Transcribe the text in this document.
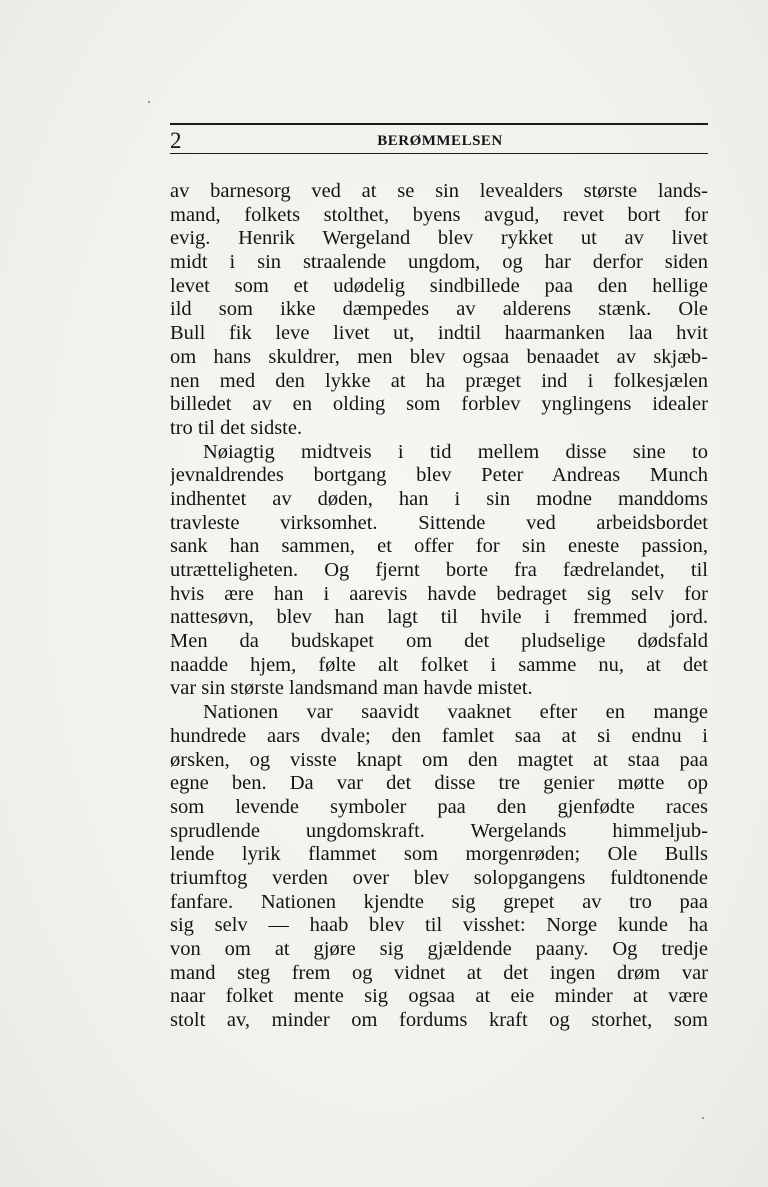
2	BERØMMELSEN
av barnesorg ved at se sin levealders største lands-
mand, folkets stolthet, byens avgud, revet bort for
evig. Henrik Wergeland blev rykket ut av livet
midt i sin straalende ungdom, og har derfor siden
levet som et udødelig sindbillede paa den hellige
ild som ikke dæmpedes av alderens stænk. Ole
Bull fik leve livet ut, indtil haarmanken laa hvit
om hans skuldrer, men blev ogsaa benaadet av skjæb-
nen med den lykke at ha præget ind i folkesjælen
billedet av en olding som forblev ynglingens idealer
tro til det sidste.
Nøiagtig midtveis i tid mellem disse sine to
jevnaldrendes bortgang blev Peter Andreas Munch
indhentet av døden, han i sin modne manddoms
travleste virksomhet. Sittende ved arbeidsbordet
sank han sammen, et offer for sin eneste passion,
utrætteligheten. Og fjernt borte fra fædrelandet, til
hvis ære han i aarevis havde bedraget sig selv for
nattesøvn, blev han lagt til hvile i fremmed jord.
Men da budskapet om det pludselige dødsfald
naadde hjem, følte alt folket i samme nu, at det
var sin største landsmand man havde mistet.
Nationen var saavidt vaaknet efter en mange
hundrede aars dvale; den famlet saa at si endnu i
ørsken, og visste knapt om den magtet at staa paa
egne ben. Da var det disse tre genier møtte op
som levende symboler paa den gjenfødte races
sprudlende ungdomskraft. Wergelands himmeljub-
lende lyrik flammet som morgenrøden; Ole Bulls
triumftog verden over blev solopgangens fuldtonende
fanfare. Nationen kjendte sig grepet av tro paa
sig selv — haab blev til visshet: Norge kunde ha
von om at gjøre sig gjældende paany. Og tredje
mand steg frem og vidnet at det ingen drøm var
naar folket mente sig ogsaa at eie minder at være
stolt av, minder om fordums kraft og storhet, som
